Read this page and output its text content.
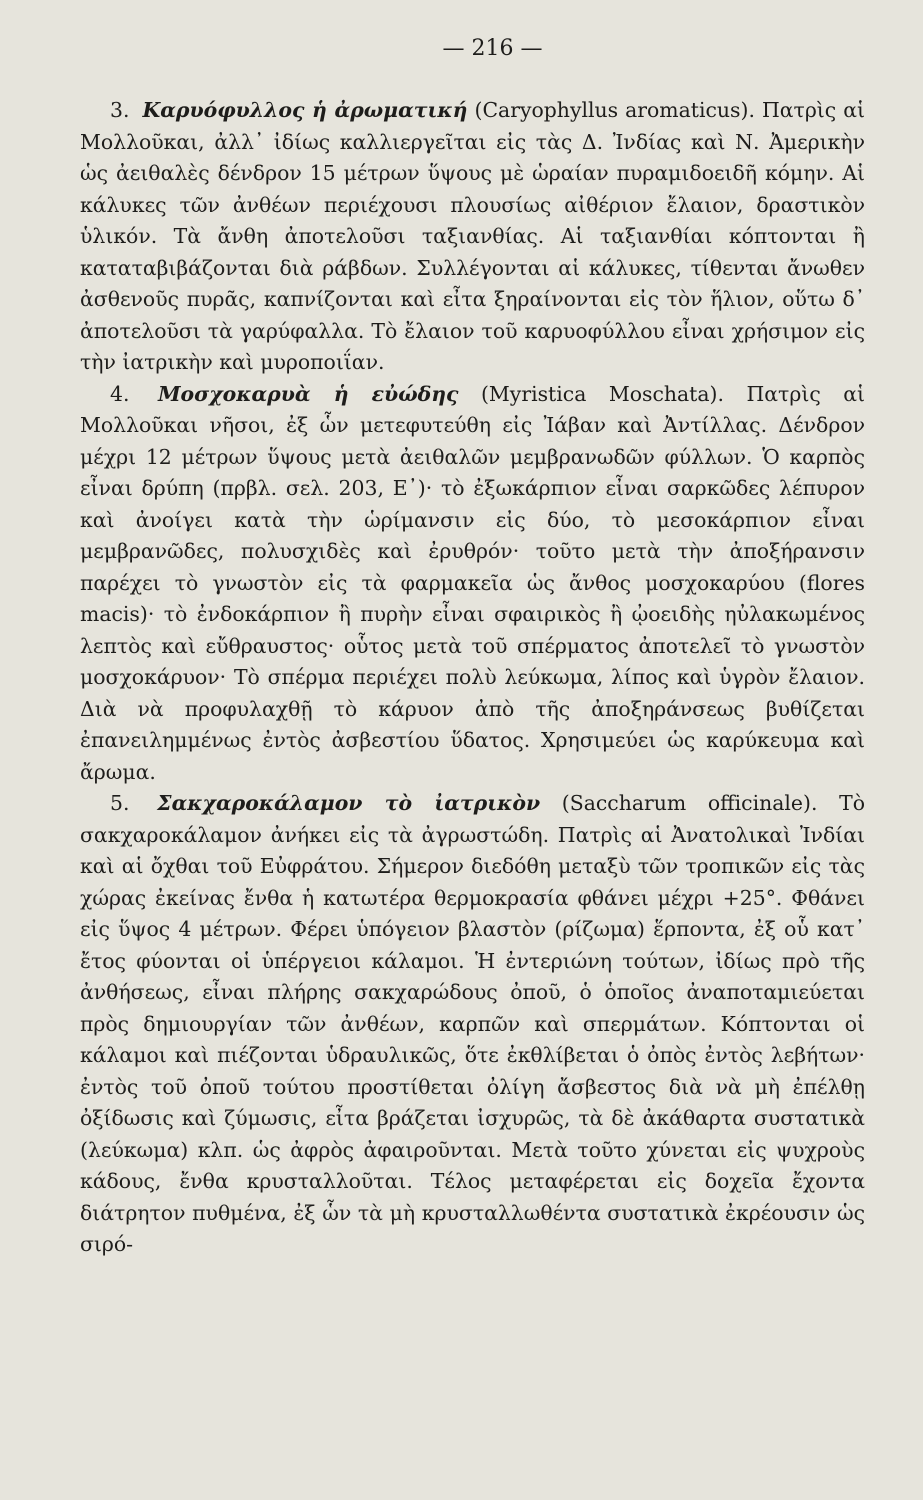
— 216 —

3. Καρυόφυλλος ἡ ἀρωματική (Caryophyllus aromaticus). Πατρὶς αἱ Μολλοῦκαι, ἀλλ᾽ ἰδίως καλλιεργεῖται εἰς τὰς Δ. Ἰνδίας καὶ Ν. Ἀμερικὴν ὡς ἀειθαλὲς δένδρον 15 μέτρων ὕψους μὲ ὡραίαν πυραμιδοειδῆ κόμην. Αἱ κάλυκες τῶν ἀνθέων περιέχουσι πλουσίως αἰθέριον ἔλαιον, δραστικὸν ὑλικόν. Τὰ ἄνθη ἀποτελοῦσι ταξιανθίας. Αἱ ταξιανθίαι κόπτονται ἢ καταταβιβάζονται διὰ ράβδων. Συλλέγονται αἱ κάλυκες, τίθενται ἄνωθεν ἀσθενοῦς πυρᾶς, καπνίζονται καὶ εἶτα ξηραίνονται εἰς τὸν ἥλιον, οὕτω δ᾽ ἀποτελοῦσι τὰ γαρύφαλλα. Τὸ ἔλαιον τοῦ καρυοφύλλου εἶναι χρήσιμον εἰς τὴν ἰατρικὴν καὶ μυροποιΐαν.

4. Μοσχοκαρυὰ ἡ εὐώδης (Myristica Moschata). Πατρὶς αἱ Μολλοῦκαι νῆσοι, ἐξ ὧν μετεφυτεύθη εἰς Ἰάβαν καὶ Ἀντίλλας. Δένδρον μέχρι 12 μέτρων ὕψους μετὰ ἀειθαλῶν μεμβρανωδῶν φύλλων. Ὁ καρπὸς εἶναι δρύπη (πρβλ. σελ. 203, Ε᾽)· τὸ ἐξωκάρπιον εἶναι σαρκῶδες λέπυρον καὶ ἀνοίγει κατὰ τὴν ὡρίμανσιν εἰς δύο, τὸ μεσοκάρπιον εἶναι μεμβρανῶδες, πολυσχιδὲς καὶ ἐρυθρόν· τοῦτο μετὰ τὴν ἀποξήρανσιν παρέχει τὸ γνωστὸν εἰς τὰ φαρμακεῖα ὡς ἄνθος μοσχοκαρύου (flores macis)· τὸ ἐνδοκάρπιον ἢ πυρὴν εἶναι σφαιρικὸς ἢ ᾠοειδὴς ηὐλακωμένος λεπτὸς καὶ εὔθραυστος· οὗτος μετὰ τοῦ σπέρματος ἀποτελεῖ τὸ γνωστὸν μοσχοκάρυον· Τὸ σπέρμα περιέχει πολὺ λεύκωμα, λίπος καὶ ὑγρὸν ἔλαιον. Διὰ νὰ προφυλαχθῇ τὸ κάρυον ἀπὸ τῆς ἀποξηράνσεως βυθίζεται ἐπανειλημμένως ἐντὸς ἀσβεστίου ὕδατος. Χρησιμεύει ὡς καρύκευμα καὶ ἄρωμα.

5. Σακχαροκάλαμον τὸ ἰατρικὸν (Saccharum officinale). Τὸ σακχαροκάλαμον ἀνήκει εἰς τὰ ἀγρωστώδη. Πατρὶς αἱ Ἀνατολικαὶ Ἰνδίαι καὶ αἱ ὄχθαι τοῦ Εὐφράτου. Σήμερον διεδόθη μεταξὺ τῶν τροπικῶν εἰς τὰς χώρας ἐκείνας ἔνθα ἡ κατωτέρα θερμοκρασία φθάνει μέχρι +25°. Φθάνει εἰς ὕψος 4 μέτρων. Φέρει ὑπόγειον βλαστὸν (ρίζωμα) ἕρποντα, ἐξ οὗ κατ᾽ ἔτος φύονται οἱ ὑπέργειοι κάλαμοι. Ἡ ἐντεριώνη τούτων, ἰδίως πρὸ τῆς ἀνθήσεως, εἶναι πλήρης σακχαρώδους ὀποῦ, ὁ ὁποῖος ἀναποταμιεύεται πρὸς δημιουργίαν τῶν ἀνθέων, καρπῶν καὶ σπερμάτων. Κόπτονται οἱ κάλαμοι καὶ πιέζονται ὑδραυλικῶς, ὅτε ἐκθλίβεται ὁ ὀπὸς ἐντὸς λεβήτων· ἐντὸς τοῦ ὀποῦ τούτου προστίθεται ὀλίγη ἄσβεστος διὰ νὰ μὴ ἐπέλθῃ ὀξίδωσις καὶ ζύμωσις, εἶτα βράζεται ἰσχυρῶς, τὰ δὲ ἀκάθαρτα συστατικὰ (λεύκωμα) κλπ. ὡς ἀφρὸς ἀφαιροῦνται. Μετὰ τοῦτο χύνεται εἰς ψυχροὺς κάδους, ἔνθα κρυσταλλοῦται. Τέλος μεταφέρεται εἰς δοχεῖα ἔχοντα διάτρητον πυθμένα, ἐξ ὧν τὰ μὴ κρυσταλλωθέντα συστατικὰ ἐκρέουσιν ὡς σιρό-
